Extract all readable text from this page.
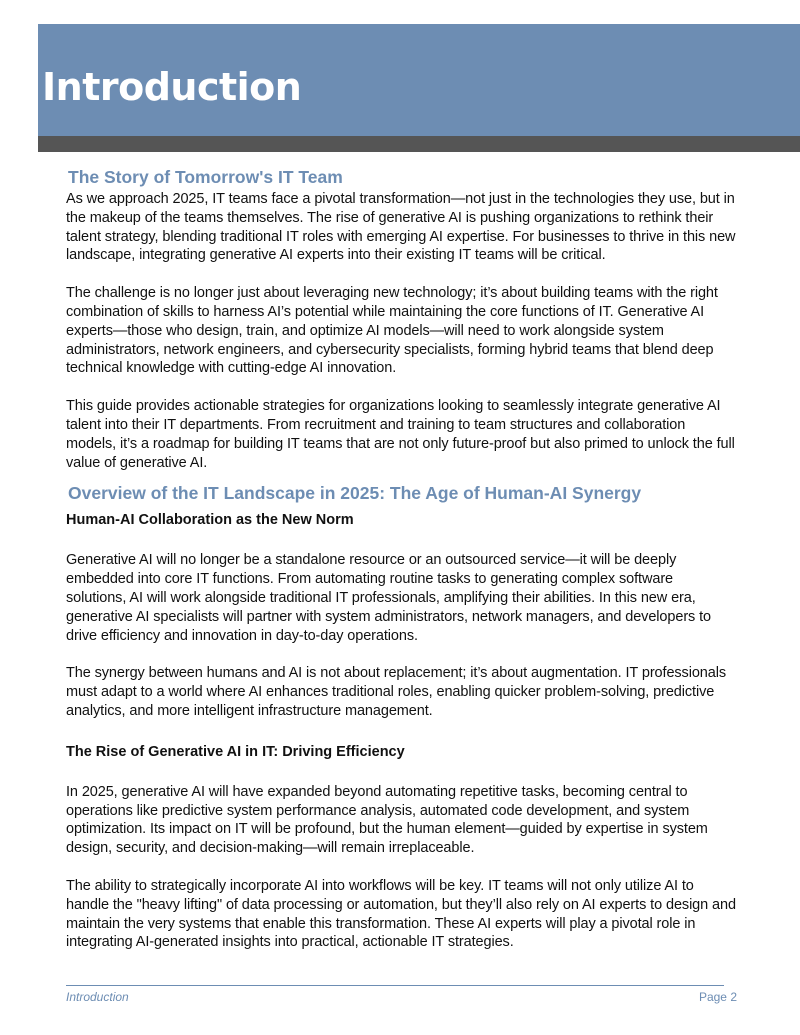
Introduction
The Story of Tomorrow's IT Team

As we approach 2025, IT teams face a pivotal transformation—not just in the technologies they use, but in the makeup of the teams themselves. The rise of generative AI is pushing organizations to rethink their talent strategy, blending traditional IT roles with emerging AI expertise. For businesses to thrive in this new landscape, integrating generative AI experts into their existing IT teams will be critical.

The challenge is no longer just about leveraging new technology; it’s about building teams with the right combination of skills to harness AI’s potential while maintaining the core functions of IT. Generative AI experts—those who design, train, and optimize AI models—will need to work alongside system administrators, network engineers, and cybersecurity specialists, forming hybrid teams that blend deep technical knowledge with cutting-edge AI innovation.

This guide provides actionable strategies for organizations looking to seamlessly integrate generative AI talent into their IT departments. From recruitment and training to team structures and collaboration models, it’s a roadmap for building IT teams that are not only future-proof but also primed to unlock the full value of generative AI.

Overview of the IT Landscape in 2025: The Age of Human-AI Synergy
Human-AI Collaboration as the New Norm

Generative AI will no longer be a standalone resource or an outsourced service—it will be deeply embedded into core IT functions. From automating routine tasks to generating complex software solutions, AI will work alongside traditional IT professionals, amplifying their abilities. In this new era, generative AI specialists will partner with system administrators, network managers, and developers to drive efficiency and innovation in day-to-day operations.

The synergy between humans and AI is not about replacement; it’s about augmentation. IT professionals must adapt to a world where AI enhances traditional roles, enabling quicker problem-solving, predictive analytics, and more intelligent infrastructure management.

The Rise of Generative AI in IT: Driving Efficiency

In 2025, generative AI will have expanded beyond automating repetitive tasks, becoming central to operations like predictive system performance analysis, automated code development, and system optimization. Its impact on IT will be profound, but the human element—guided by expertise in system design, security, and decision-making—will remain irreplaceable.

The ability to strategically incorporate AI into workflows will be key. IT teams will not only utilize AI to handle the "heavy lifting" of data processing or automation, but they’ll also rely on AI experts to design and maintain the very systems that enable this transformation. These AI experts will play a pivotal role in integrating AI-generated insights into practical, actionable IT strategies.

Introduction	Page 2
